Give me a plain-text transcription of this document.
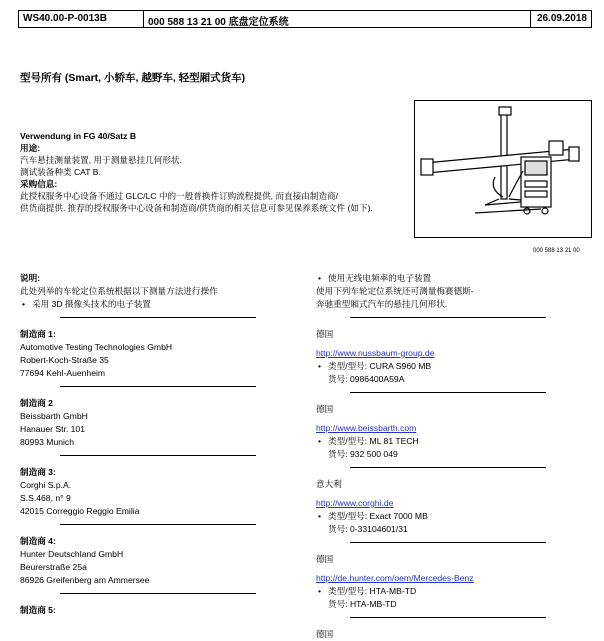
WS40.00-P-0013B	000 588 13 21 00 底盘定位系统	26.09.2018
型号所有 (Smart, 小轿车, 越野车, 轻型厢式货车)
000 588 13 21 00
Verwendung in FG 40/Satz B
用途:
汽车悬挂测量装置, 用于测量悬挂几何形状.
测试装备种类 CAT B.
采购信息:
此授权服务中心设备不通过 GLC/LC 中的一般普换件订购流程提供, 而直接由制造商/
供货商提供. 推荐的授权服务中心设备和制造商/供货商的相关信息可参见保养系统文件 (如下).
说明:
此处列举的车轮定位系统根据以下测量方法进行操作
• 采用 3D 摄像头技术的电子装置
制造商 1:
Automotive Testing Technologies GmbH
Robert-Koch-Straße 35
77694 Kehl-Auenheim
制造商 2
Beissbarth GmbH
Hanauer Str. 101
80993 Munich
制造商 3:
Corghi S.p.A.
S.S.468, n° 9
42015 Correggio Reggio Emilia
制造商 4:
Hunter Deutschland GmbH
Beurerstraße 25a
86926 Greifenberg am Ammersee
制造商 5:
• 使用无线电频率的电子装置
使用下列车轮定位系统还可测量梅赛德斯-
奔驰重型厢式汽车的悬挂几何形状.
德国
http://www.nussbaum-group.de
• 类型/型号: CURA S960 MB
货号: 0986400A59A
德国
http://www.beissbarth.com
• 类型/型号: ML 81 TECH
货号: 932 500 049
意大利
http://www.corghi.de
• 类型/型号: Exact 7000 MB
货号: 0-33104601/31
德国
http://de.hunter.com/oem/Mercedes-Benz
• 类型/型号: HTA-MB-TD
货号: HTA-MB-TD
德国
